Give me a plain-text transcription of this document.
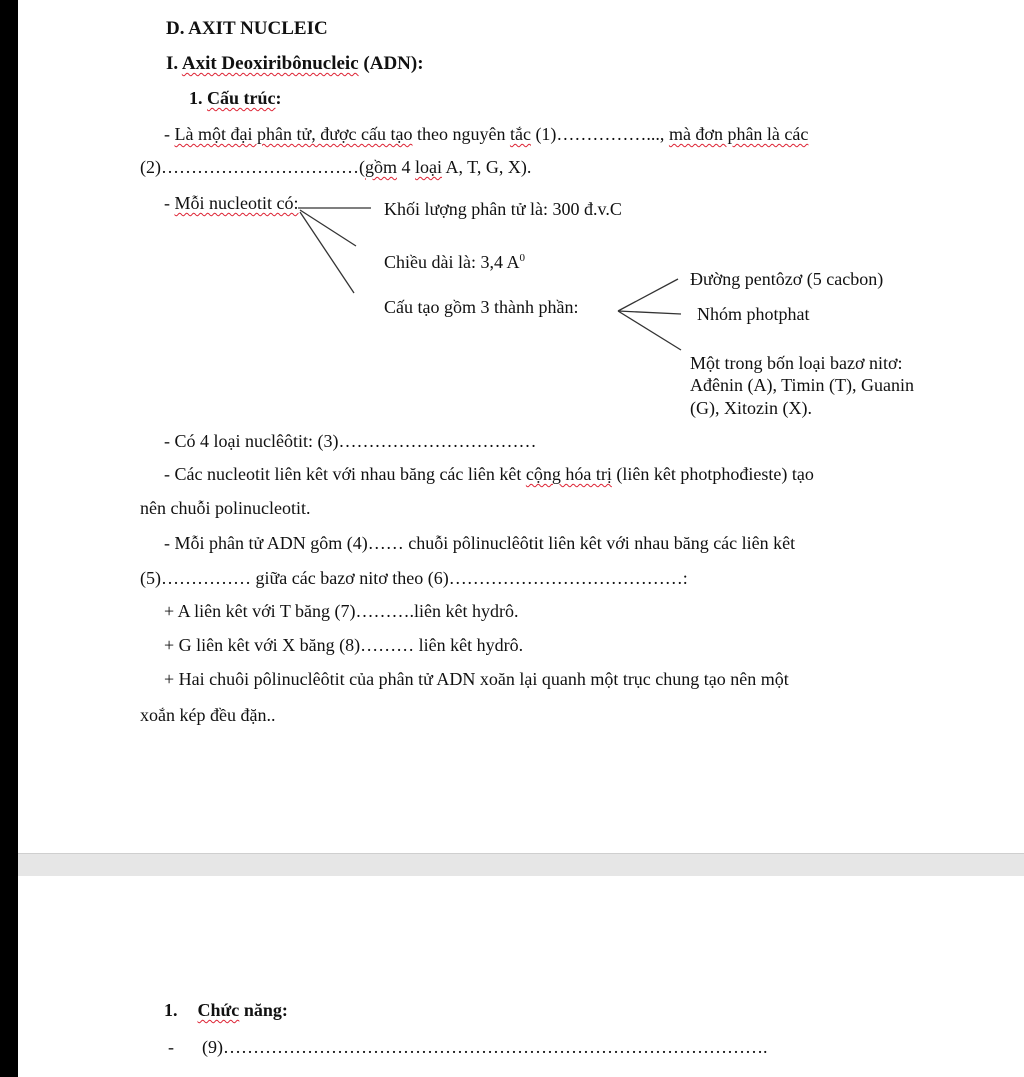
D. AXIT NUCLEIC
I. Axit Deoxiribônucleic (ADN):
1. Cấu trúc:
- Là một đại phân tử, được cấu tạo theo nguyên tắc (1)……………..., mà đơn phân là các
(2)……………………………(gồm 4 loại A, T, G, X).
- Mỗi nucleotit có:	Khối lượng phân tử là: 300 đ.v.C
Chiều dài là: 3,4 $A^0$
Cấu tạo gồm 3 thành phần:
Đường pentôzơ (5 cacbon)
Nhóm photphat
Một trong bốn loại bazơ nitơ:
Ađênin (A), Timin (T), Guanin
(G), Xitozin (X).
- Có 4 loại nuclêôtit: (3)……………………………
- Các nucleotit liên kêt với nhau băng các liên kêt cộng hóa trị (liên kêt photphođieste) tạo
nên chuỗi polinucleotit.
- Mỗi phân tử ADN gôm (4)…… chuỗi pôlinuclêôtit liên kêt với nhau băng các liên kêt
(5)…………… giữa các bazơ nitơ theo (6)…………………………………:
+ A liên kêt với T băng (7)……….liên kêt hydrô.
+ G liên kêt với X băng (8)……… liên kêt hydrô.
+ Hai chuôi pôlinuclêôtit của phân tử ADN xoăn lại quanh một trục chung tạo nên một
xoắn kép đều đặn..
1. Chức năng:
- (9)……………………………………………………………………………….
